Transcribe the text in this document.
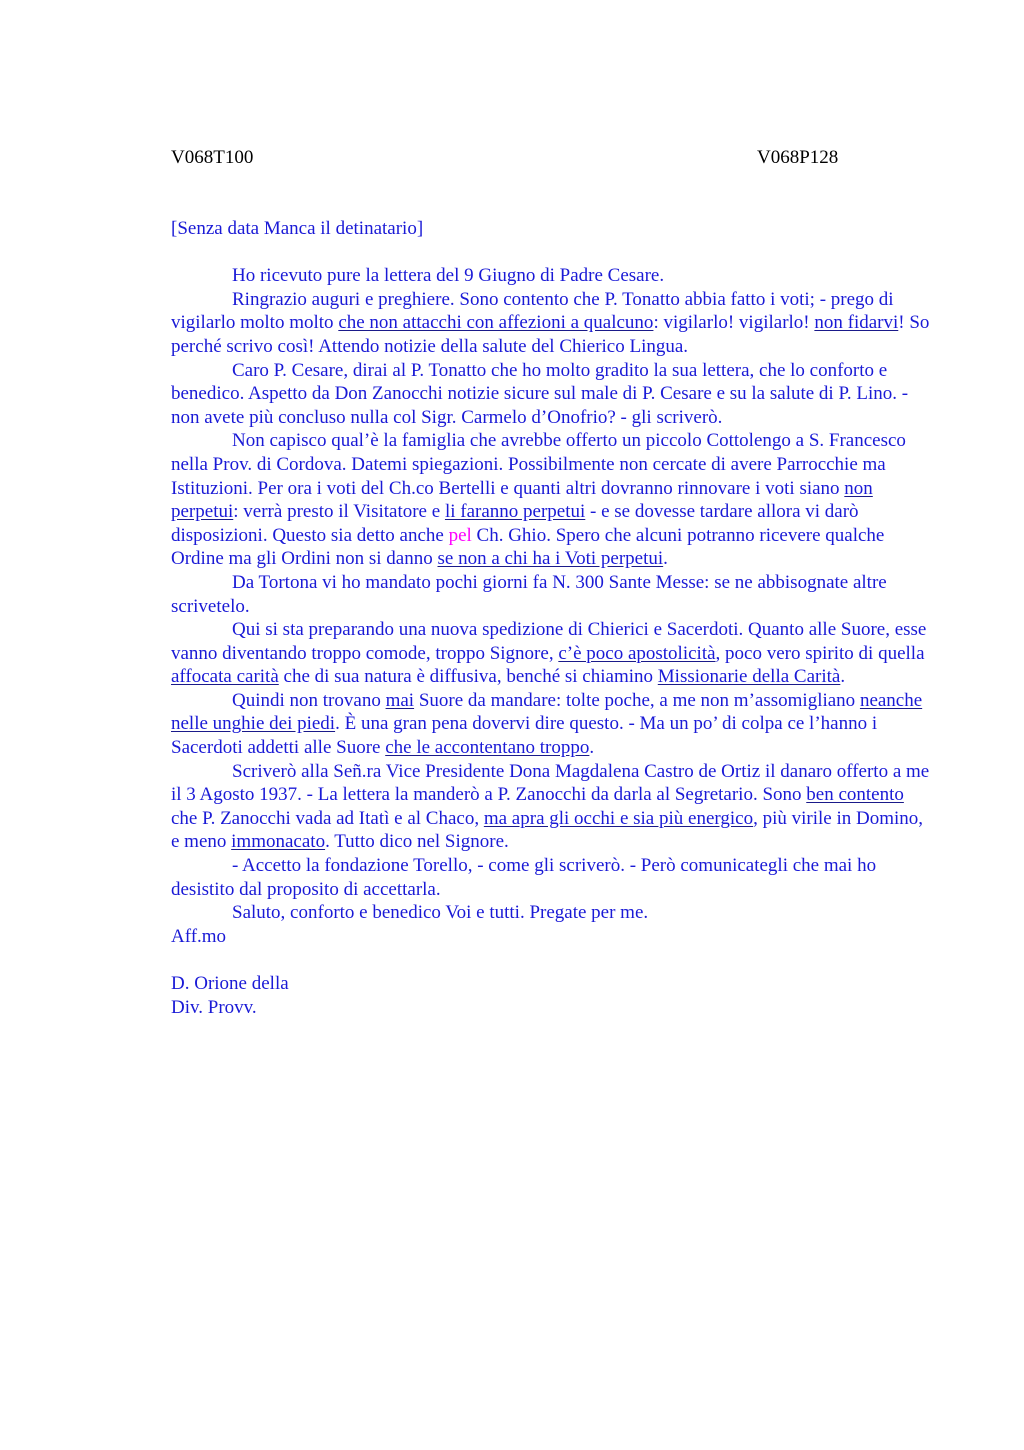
V068T100	V068P128

[Senza data Manca il detinatario]

Ho ricevuto pure la lettera del 9 Giugno di Padre Cesare.

Ringrazio auguri e preghiere. Sono contento che P. Tonatto abbia fatto i voti; - prego di vigilarlo molto molto che non attacchi con affezioni a qualcuno: vigilarlo! vigilarlo! non fidarvi! So perché scrivo così! Attendo notizie della salute del Chierico Lingua.

Caro P. Cesare, dirai al P. Tonatto che ho molto gradito la sua lettera, che lo conforto e benedico. Aspetto da Don Zanocchi notizie sicure sul male di P. Cesare e su la salute di P. Lino. - non avete più concluso nulla col Sigr. Carmelo d’Onofrio? - gli scriverò.

Non capisco qual’è la famiglia che avrebbe offerto un piccolo Cottolengo a S. Francesco nella Prov. di Cordova. Datemi spiegazioni. Possibilmente non cercate di avere Parrocchie ma Istituzioni. Per ora i voti del Ch.co Bertelli e quanti altri dovranno rinnovare i voti siano non perpetui: verrà presto il Visitatore e li faranno perpetui - e se dovesse tardare allora vi darò disposizioni. Questo sia detto anche pel Ch. Ghio. Spero che alcuni potranno ricevere qualche Ordine ma gli Ordini non si danno se non a chi ha i Voti perpetui.

Da Tortona vi ho mandato pochi giorni fa N. 300 Sante Messe: se ne abbisognate altre scrivetelo.

Qui si sta preparando una nuova spedizione di Chierici e Sacerdoti. Quanto alle Suore, esse vanno diventando troppo comode, troppo Signore, c’è poco apostolicità, poco vero spirito di quella affocata carità che di sua natura è diffusiva, benché si chiamino Missionarie della Carità.

Quindi non trovano mai Suore da mandare: tolte poche, a me non m’assomigliano neanche nelle unghie dei piedi. È una gran pena dovervi dire questo. - Ma un po’ di colpa ce l’hanno i Sacerdoti addetti alle Suore che le accontentano troppo.

Scriverò alla Señ.ra Vice Presidente Dona Magdalena Castro de Ortiz il danaro offerto a me il 3 Agosto 1937. - La lettera la manderò a P. Zanocchi da darla al Segretario. Sono ben contento che P. Zanocchi vada ad Itatì e al Chaco, ma apra gli occhi e sia più energico, più virile in Domino, e meno immonacato. Tutto dico nel Signore.

- Accetto la fondazione Torello, - come gli scriverò. - Però comunicategli che mai ho desistito dal proposito di accettarla.

Saluto, conforto e benedico Voi e tutti. Pregate per me.

Aff.mo

D. Orione della

Div. Provv.
